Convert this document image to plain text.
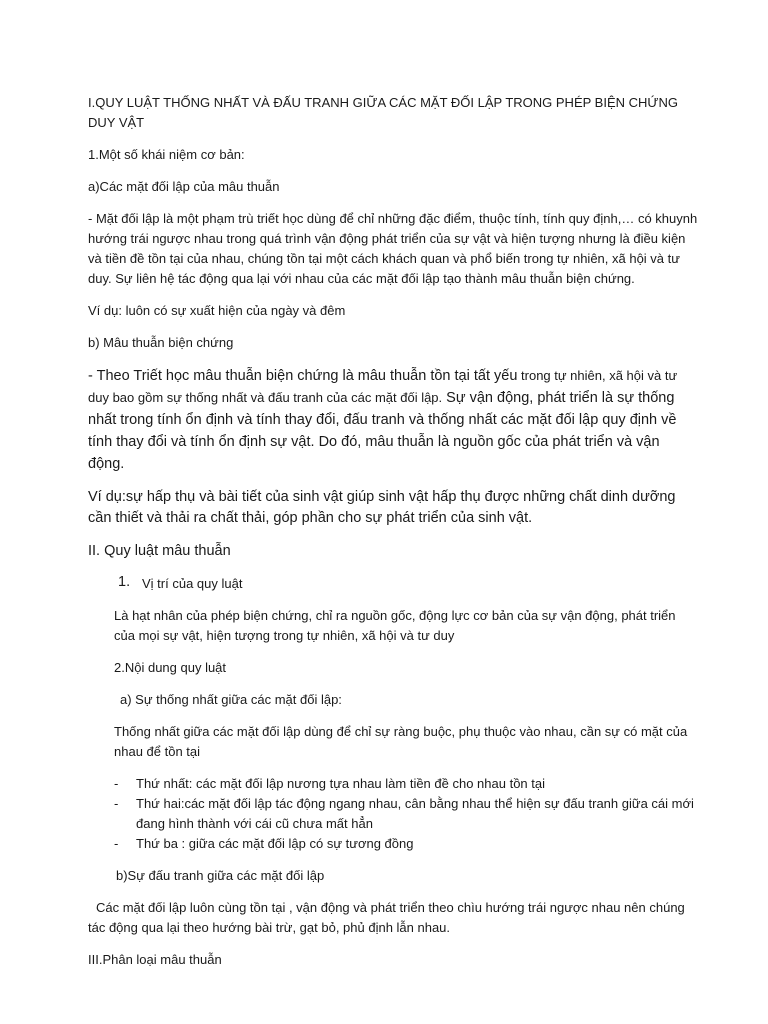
I.QUY LUẬT THỐNG NHẤT VÀ ĐẤU TRANH GIỮA CÁC MẶT ĐỐI LẬP TRONG PHÉP BIỆN CHỨNG DUY VẬT

1.Một số khái niệm cơ bản:

a)Các mặt đối lập của mâu thuẫn

- Mặt đối lập là một phạm trù triết học dùng để chỉ những đặc điểm, thuộc tính, tính quy định,… có khuynh hướng trái ngược nhau trong quá trình vận động phát triển của sự vật và hiện tượng nhưng là điều kiện và tiền đề tồn tại của nhau, chúng tồn tại một cách khách quan và phổ biến trong tự nhiên, xã hội và tư duy. Sự liên hệ tác động qua lại với nhau của các mặt đối lập tạo thành mâu thuẫn biện chứng.

Ví dụ: luôn có sự xuất hiện của ngày và đêm

b) Mâu thuẫn biện chứng

- Theo Triết học mâu thuẫn biện chứng là mâu thuẫn tồn tại tất yếu trong tự nhiên, xã hội và tư duy bao gồm sự thống nhất và đấu tranh của các mặt đối lập. Sự vận động, phát triển là sự thống nhất trong tính ổn định và tính thay đổi, đấu tranh và thống nhất các mặt đối lập quy định về tính thay đổi và tính ổn định sự vật. Do đó, mâu thuẫn là nguồn gốc của phát triển và vận động.

Ví dụ:sự hấp thụ và bài tiết của sinh vật giúp sinh vật hấp thụ được những chất dinh dưỡng cần thiết và thải ra chất thải, góp phần cho sự phát triển của sinh vật.

II. Quy luật mâu thuẫn

1. Vị trí của quy luật

Là hạt nhân của phép biện chứng, chỉ ra nguồn gốc, động lực cơ bản của sự vận động, phát triển của mọi sự vật, hiện tượng trong tự nhiên, xã hội và tư duy

2.Nội dung quy luật

a) Sự thống nhất giữa các mặt đối lập:

Thống nhất giữa các mặt đối lập dùng để chỉ sự ràng buộc, phụ thuộc vào nhau, cần sự có mặt của nhau để tồn tại

-	Thứ nhất: các mặt đối lập nương tựa nhau làm tiền đề cho nhau tồn tại
-	Thứ hai:các mặt đối lập tác động ngang nhau, cân bằng nhau thể hiện sự đấu tranh giữa cái mới đang hình thành với cái cũ chưa mất hẳn
-	Thứ ba : giữa các mặt đối lập có sự tương đồng

b)Sự đấu tranh giữa các mặt đối lập

Các mặt đối lập luôn cùng tồn tại , vận động và phát triển theo chìu hướng trái ngược nhau nên chúng tác động qua lại theo hướng bài trừ, gạt bỏ, phủ định lẫn nhau.

III.Phân loại mâu thuẫn
